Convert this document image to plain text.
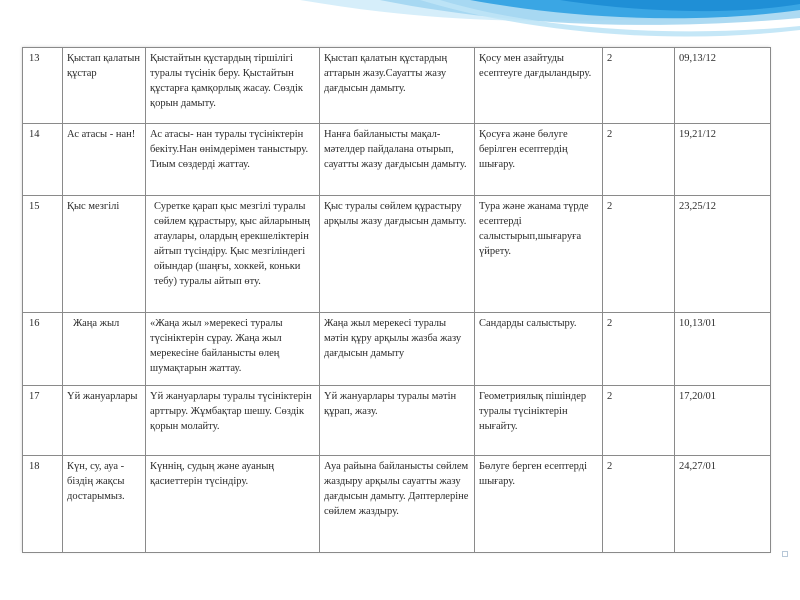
13	Қыстап қалатын құстар	Қыстайтын құстардың тіршілігі туралы түсінік беру. Қыстайтын құстарға қамқорлық жасау. Сөздік қорын дамыту.	Қыстап қалатын құстардың аттарын жазу.Сауатты жазу дағдысын дамыту.	Қосу мен азайтуды есептеуге дағдыландыру.	2	09,13/12
14	Ас атасы - нан!	Ас атасы- нан туралы түсініктерін бекіту.Нан өнімдерімен таныстыру. Тиым сөздерді жаттау.	Нанға байланысты мақал-мәтелдер пайдалана отырып, сауатты жазу дағдысын дамыту.	Қосуға және бөлуге берілген есептердің шығару.	2	19,21/12
15	Қыс мезгілі	Суретке қарап қыс мезгілі туралы сөйлем құрастыру, қыс айларының атаулары, олардың ерекшеліктерін айтып түсіндіру. Қыс мезгіліндегі ойындар (шаңғы, хоккей, коньки тебу) туралы айтып өту.	Қыс туралы сөйлем құрастыру арқылы жазу дағдысын дамыту.	Тура және жанама түрде есептерді салыстырып,шығаруға үйрету.	2	23,25/12
16	Жаңа жыл	«Жаңа жыл »мерекесі туралы түсініктерін сұрау. Жаңа жыл мерекесіне байланысты өлең шумақтарын жаттау.	Жаңа жыл мерекесі туралы мәтін құру арқылы жазба жазу дағдысын дамыту	Сандарды салыстыру.	2	10,13/01
17	Үй жануарлары	Үй жануарлары туралы түсініктерін арттыру. Жұмбақтар шешу. Сөздік қорын молайту.	Үй жануарлары туралы мәтін құрап, жазу.	Геометриялық пішіндер туралы түсініктерін нығайту.	2	17,20/01
18	Күн, су, ауа - біздің жақсы достарымыз.	Күннің, судың және ауаның қасиеттерін түсіндіру.	Ауа райына байланысты сөйлем жаздыру арқылы сауатты жазу дағдысын дамыту. Дәптерлеріне сөйлем жаздыру.	Бөлуге берген есептерді шығару.	2	24,27/01
